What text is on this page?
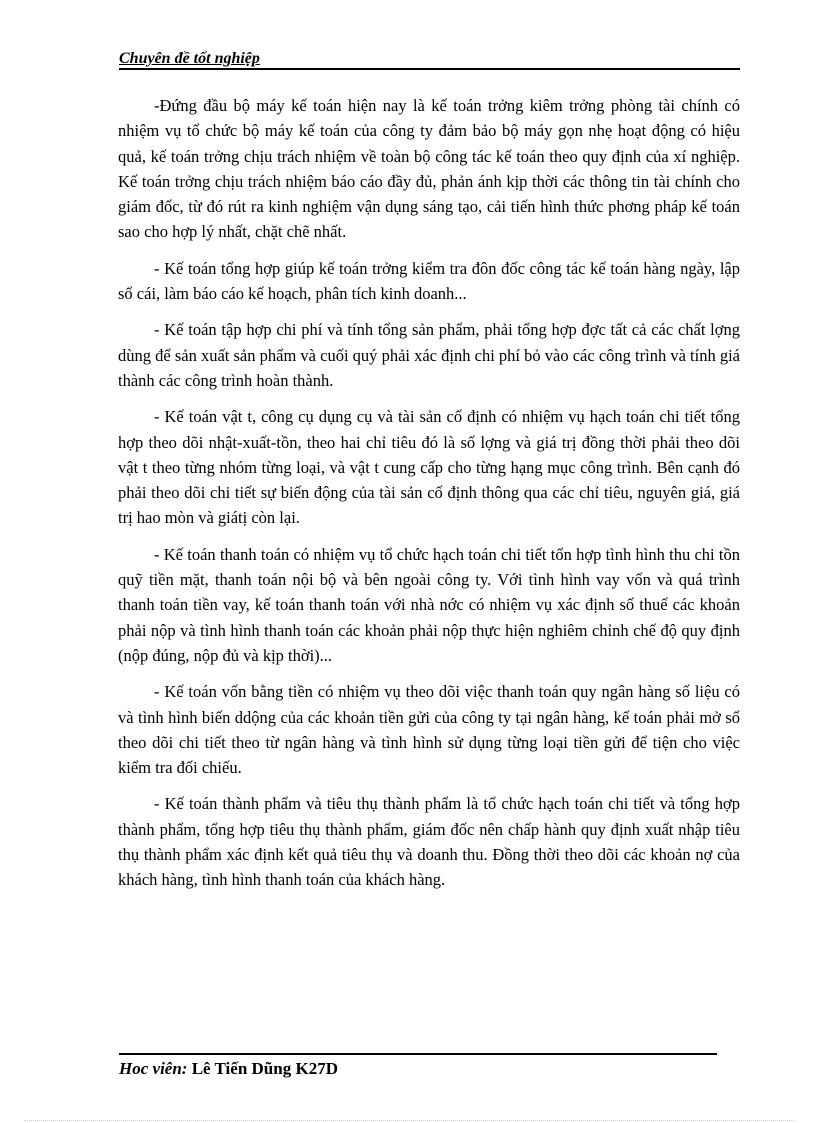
Chuyên đề tốt nghiệp

-Đứng đầu bộ máy kế toán hiện nay là kế toán trởng kiêm trởng phòng tài chính có nhiệm vụ tổ chức bộ máy kế toán của công ty đảm bảo bộ máy gọn nhẹ hoạt động có hiệu quả, kế toán trởng chịu trách nhiệm về toàn bộ công tác kế toán theo quy định của xí nghiệp. Kế toán trởng chịu trách nhiệm báo cáo đầy đủ, phản ánh kịp thời các thông tin tài chính cho giám đốc, từ đó rút ra kinh nghiệm vận dụng sáng tạo, cải tiến hình thức phơng pháp kế toán sao cho hợp lý nhất, chặt chẽ nhất.

- Kế toán tổng hợp giúp kế toán trởng kiểm tra đôn đốc công tác kế toán hàng ngày, lập sổ cái, làm báo cáo kế hoạch, phân tích kinh doanh...

- Kế toán tập hợp chi phí và tính tổng sản phẩm, phải tổng hợp đợc tất cả các chất lợng dùng để sản xuất sản phẩm và cuối quý phải xác định chi phí bỏ vào các công trình và tính giá thành các công trình hoàn thành.

- Kế toán vật t, công cụ dụng cụ và tài sản cố định có nhiệm vụ hạch toán chi tiết tổng hợp theo dõi nhật-xuất-tồn, theo hai chỉ tiêu đó là số lợng và giá trị đồng thời phải theo dõi vật t theo từng nhóm từng loại, và vật t cung cấp cho từng hạng mục công trình. Bên cạnh đó phải theo dõi chi tiết sự biến động của tài sản cố định thông qua các chỉ tiêu, nguyên giá, giá trị hao mòn và giátị còn lại.

- Kế toán thanh toán có nhiệm vụ tổ chức hạch toán chi tiết tổn hợp tình hình thu chi tồn quỹ tiền mặt, thanh toán nội bộ và bên ngoài công ty. Với tình hình vay vốn và quá trình thanh toán tiền vay, kế toán thanh toán với nhà nớc có nhiệm vụ xác định số thuế các khoản phải nộp và tình hình thanh toán các khoản phải nộp thực hiện nghiêm chỉnh chế độ quy định (nộp đúng, nộp đủ và kịp thời)...

- Kế toán vốn bằng tiền có nhiệm vụ theo dõi việc thanh toán quy ngân hàng số liệu có và tình hình biến ddộng của các khoản tiền gửi của công ty tại ngân hàng, kế toán phải mở sổ theo dõi chi tiết theo từ ngân hàng và tình hình sử dụng từng loại tiền gửi để tiện cho việc kiểm tra đối chiếu.

- Kế toán thành phẩm và tiêu thụ thành phẩm là tổ chức hạch toán chi tiết và tổng hợp thành phẩm, tổng hợp tiêu thụ thành phẩm, giám đốc nên chấp hành quy định xuất nhập tiêu thụ thành phẩm xác định kết quả tiêu thụ và doanh thu. Đồng thời theo dõi các khoản nợ của khách hàng, tình hình thanh toán của khách hàng.

Hoc viên: Lê Tiến Dũng K27D
